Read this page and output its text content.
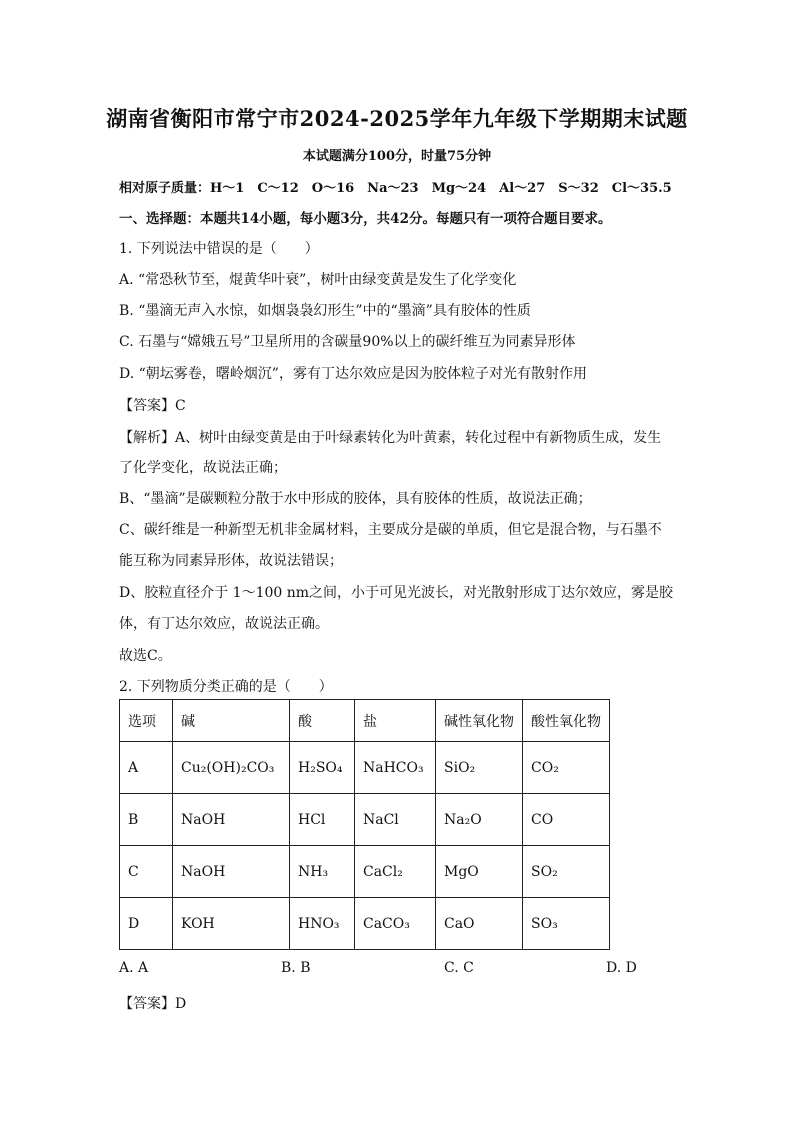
湖南省衡阳市常宁市2024-2025学年九年级下学期期末试题
本试题满分100分，时量75分钟
相对原子质量：H～1　C～12　O～16　Na～23　Mg～24　Al～27　S～32　Cl～35.5
一、选择题：本题共14小题，每小题3分，共42分。每题只有一项符合题目要求。
1. 下列说法中错误的是（　　）
A. “常恐秋节至，焜黄华叶衰”，树叶由绿变黄是发生了化学变化
B. “墨滴无声入水惊，如烟袅袅幻形生”中的“墨滴”具有胶体的性质
C. 石墨与“嫦娥五号”卫星所用的含碳量90%以上的碳纤维互为同素异形体
D. “朝坛雾卷，曙岭烟沉”，雾有丁达尔效应是因为胶体粒子对光有散射作用
【答案】C
【解析】A、树叶由绿变黄是由于叶绿素转化为叶黄素，转化过程中有新物质生成，发生
了化学变化，故说法正确；
B、“墨滴”是碳颗粒分散于水中形成的胶体，具有胶体的性质，故说法正确；
C、碳纤维是一种新型无机非金属材料，主要成分是碳的单质，但它是混合物，与石墨不
能互称为同素异形体，故说法错误；
D、胶粒直径介于 1～100 nm之间，小于可见光波长，对光散射形成丁达尔效应，雾是胶
体，有丁达尔效应，故说法正确。
故选C。
2. 下列物质分类正确的是（　　）
选项	碱	酸	盐	碱性氧化物	酸性氧化物
A	Cu₂(OH)₂CO₃	H₂SO₄	NaHCO₃	SiO₂	CO₂
B	NaOH	HCl	NaCl	Na₂O	CO
C	NaOH	NH₃	CaCl₂	MgO	SO₂
D	KOH	HNO₃	CaCO₃	CaO	SO₃
A. A	B. B	C. C	D. D
【答案】D
